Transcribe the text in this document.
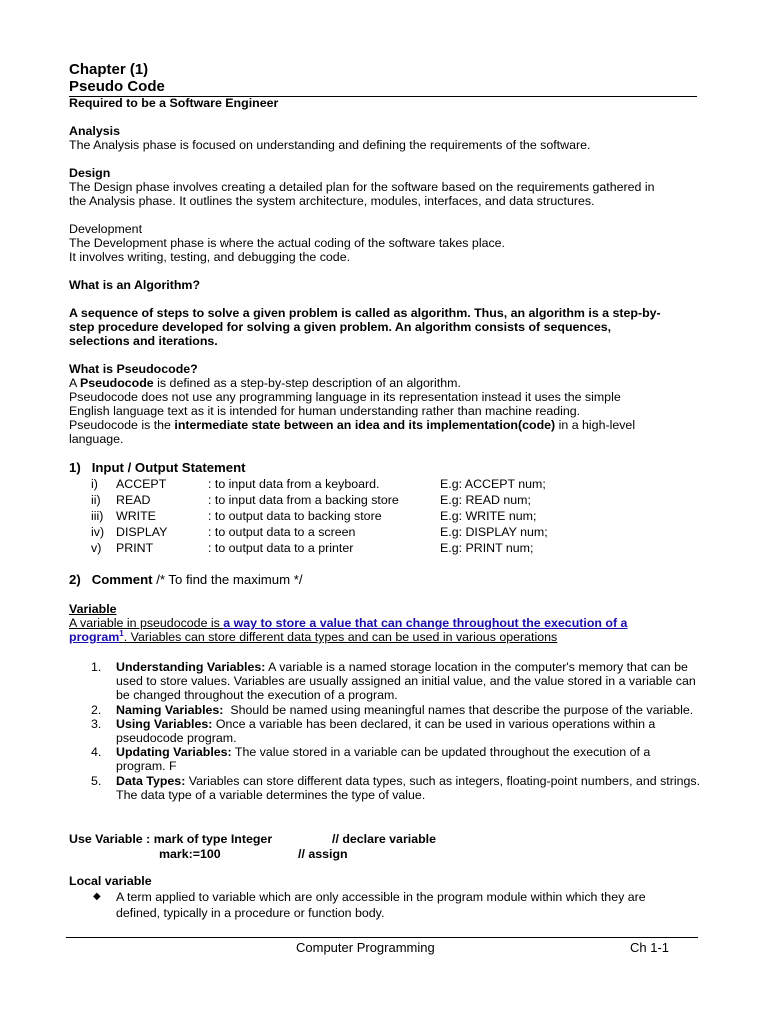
Chapter (1)
Pseudo Code
Required to be a Software Engineer
Analysis
The Analysis phase is focused on understanding and defining the requirements of the software.
Design
The Design phase involves creating a detailed plan for the software based on the requirements gathered in
the Analysis phase. It outlines the system architecture, modules, interfaces, and data structures.
Development
The Development phase is where the actual coding of the software takes place.
It involves writing, testing, and debugging the code.
What is an Algorithm?
A sequence of steps to solve a given problem is called as algorithm. Thus, an algorithm is a step-by-
step procedure developed for solving a given problem. An algorithm consists of sequences,
selections and iterations.
What is Pseudocode?
A Pseudocode is defined as a step-by-step description of an algorithm.
Pseudocode does not use any programming language in its representation instead it uses the simple
English language text as it is intended for human understanding rather than machine reading.
Pseudocode is the intermediate state between an idea and its implementation(code) in a high-level
language.
1)   Input / Output Statement
i) ACCEPT	: to input data from a keyboard.	E.g: ACCEPT num;
ii) READ	: to input data from a backing store	E.g: READ num;
iii) WRITE	: to output data to backing store	E.g: WRITE num;
iv) DISPLAY	: to output data to a screen	E.g: DISPLAY num;
v) PRINT	: to output data to a printer	E.g: PRINT num;
2)   Comment /* To find the maximum */
Variable
A variable in pseudocode is a way to store a value that can change throughout the execution of a
program$^1$. Variables can store different data types and can be used in various operations
1. Understanding Variables: A variable is a named storage location in the computer's memory that can be used to store values. Variables are usually assigned an initial value, and the value stored in a variable can be changed throughout the execution of a program.
2. Naming Variables:  Should be named using meaningful names that describe the purpose of the variable.
3. Using Variables: Once a variable has been declared, it can be used in various operations within a pseudocode program.
4. Updating Variables: The value stored in a variable can be updated throughout the execution of a program. F
5. Data Types: Variables can store different data types, such as integers, floating-point numbers, and strings. The data type of a variable determines the type of value.
Use Variable : mark of type Integer	// declare variable
mark:=100	// assign
Local variable
◆ A term applied to variable which are only accessible in the program module within which they are
defined, typically in a procedure or function body.
Computer Programming	Ch 1-1
